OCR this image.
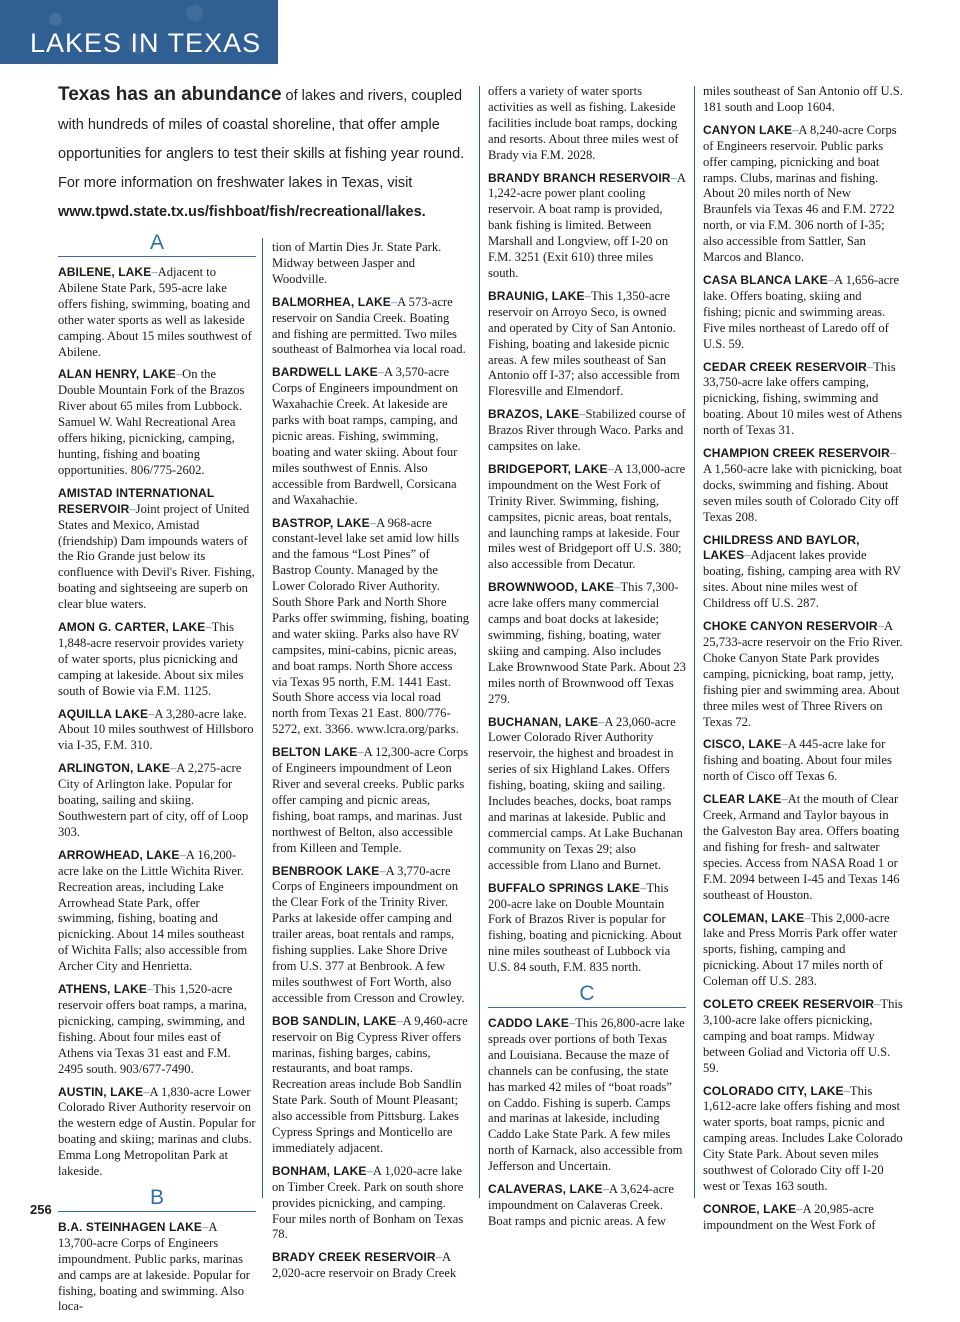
LAKES IN TEXAS
Texas has an abundance of lakes and rivers, coupled with hundreds of miles of coastal shoreline, that offer ample opportunities for anglers to test their skills at fishing year round. For more information on freshwater lakes in Texas, visit www.tpwd.state.tx.us/fishboat/fish/recreational/lakes.
A

ABILENE, LAKE–Adjacent to Abilene State Park, 595-acre lake offers fishing, swimming, boating and other water sports as well as lakeside camping. About 15 miles southwest of Abilene.

ALAN HENRY, LAKE–On the Double Mountain Fork of the Brazos River about 65 miles from Lubbock. Samuel W. Wahl Recreational Area offers hiking, picnicking, camping, hunting, fishing and boating opportunities. 806/775-2602.

AMISTAD INTERNATIONAL RESERVOIR–Joint project of United States and Mexico, Amistad (friendship) Dam impounds waters of the Rio Grande just below its confluence with Devil's River. Fishing, boating and sightseeing are superb on clear blue waters.

AMON G. CARTER, LAKE–This 1,848-acre reservoir provides variety of water sports, plus picnicking and camping at lakeside. About six miles south of Bowie via F.M. 1125.

AQUILLA LAKE–A 3,280-acre lake. About 10 miles southwest of Hillsboro via I-35, F.M. 310.

ARLINGTON, LAKE–A 2,275-acre City of Arlington lake. Popular for boating, sailing and skiing. Southwestern part of city, off of Loop 303.

ARROWHEAD, LAKE–A 16,200-acre lake on the Little Wichita River. Recreation areas, including Lake Arrowhead State Park, offer swimming, fishing, boating and picnicking. About 14 miles southeast of Wichita Falls; also accessible from Archer City and Henrietta.

ATHENS, LAKE–This 1,520-acre reservoir offers boat ramps, a marina, picnicking, camping, swimming, and fishing. About four miles east of Athens via Texas 31 east and F.M. 2495 south. 903/677-7490.

AUSTIN, LAKE–A 1,830-acre Lower Colorado River Authority reservoir on the western edge of Austin. Popular for boating and skiing; marinas and clubs. Emma Long Metropolitan Park at lakeside.

B

B.A. STEINHAGEN LAKE–A 13,700-acre Corps of Engineers impoundment. Public parks, marinas and camps are at lakeside. Popular for fishing, boating and swimming. Also loca-

tion of Martin Dies Jr. State Park. Midway between Jasper and Woodville.

BALMORHEA, LAKE–A 573-acre reservoir on Sandia Creek. Boating and fishing are permitted. Two miles southeast of Balmorhea via local road.

BARDWELL LAKE–A 3,570-acre Corps of Engineers impoundment on Waxahachie Creek. At lakeside are parks with boat ramps, camping, and picnic areas. Fishing, swimming, boating and water skiing. About four miles southwest of Ennis. Also accessible from Bardwell, Corsicana and Waxahachie.

BASTROP, LAKE–A 968-acre constant-level lake set amid low hills and the famous “Lost Pines” of Bastrop County. Managed by the Lower Colorado River Authority. South Shore Park and North Shore Parks offer swimming, fishing, boating and water skiing. Parks also have RV campsites, mini-cabins, picnic areas, and boat ramps. North Shore access via Texas 95 north, F.M. 1441 East. South Shore access via local road north from Texas 21 East. 800/776-5272, ext. 3366. www.lcra.org/parks.

BELTON LAKE–A 12,300-acre Corps of Engineers impoundment of Leon River and several creeks. Public parks offer camping and picnic areas, fishing, boat ramps, and marinas. Just northwest of Belton, also accessible from Killeen and Temple.

BENBROOK LAKE–A 3,770-acre Corps of Engineers impoundment on the Clear Fork of the Trinity River. Parks at lakeside offer camping and trailer areas, boat rentals and ramps, fishing supplies. Lake Shore Drive from U.S. 377 at Benbrook. A few miles southwest of Fort Worth, also accessible from Cresson and Crowley.

BOB SANDLIN, LAKE–A 9,460-acre reservoir on Big Cypress River offers marinas, fishing barges, cabins, restaurants, and boat ramps. Recreation areas include Bob Sandlin State Park. South of Mount Pleasant; also accessible from Pittsburg. Lakes Cypress Springs and Monticello are immediately adjacent.

BONHAM, LAKE–A 1,020-acre lake on Timber Creek. Park on south shore provides picnicking, and camping. Four miles north of Bonham on Texas 78.

BRADY CREEK RESERVOIR–A 2,020-acre reservoir on Brady Creek

offers a variety of water sports activities as well as fishing. Lakeside facilities include boat ramps, docking and resorts. About three miles west of Brady via F.M. 2028.

BRANDY BRANCH RESERVOIR–A 1,242-acre power plant cooling reservoir. A boat ramp is provided, bank fishing is limited. Between Marshall and Longview, off I-20 on F.M. 3251 (Exit 610) three miles south.

BRAUNIG, LAKE–This 1,350-acre reservoir on Arroyo Seco, is owned and operated by City of San Antonio. Fishing, boating and lakeside picnic areas. A few miles southeast of San Antonio off I-37; also accessible from Floresville and Elmendorf.

BRAZOS, LAKE–Stabilized course of Brazos River through Waco. Parks and campsites on lake.

BRIDGEPORT, LAKE–A 13,000-acre impoundment on the West Fork of Trinity River. Swimming, fishing, campsites, picnic areas, boat rentals, and launching ramps at lakeside. Four miles west of Bridgeport off U.S. 380; also accessible from Decatur.

BROWNWOOD, LAKE–This 7,300-acre lake offers many commercial camps and boat docks at lakeside; swimming, fishing, boating, water skiing and camping. Also includes Lake Brownwood State Park. About 23 miles north of Brownwood off Texas 279.

BUCHANAN, LAKE–A 23,060-acre Lower Colorado River Authority reservoir, the highest and broadest in series of six Highland Lakes. Offers fishing, boating, skiing and sailing. Includes beaches, docks, boat ramps and marinas at lakeside. Public and commercial camps. At Lake Buchanan community on Texas 29; also accessible from Llano and Burnet.

BUFFALO SPRINGS LAKE–This 200-acre lake on Double Mountain Fork of Brazos River is popular for fishing, boating and picnicking. About nine miles southeast of Lubbock via U.S. 84 south, F.M. 835 north.

C

CADDO LAKE–This 26,800-acre lake spreads over portions of both Texas and Louisiana. Because the maze of channels can be confusing, the state has marked 42 miles of “boat roads” on Caddo. Fishing is superb. Camps and marinas at lakeside, including Caddo Lake State Park. A few miles north of Karnack, also accessible from Jefferson and Uncertain.

CALAVERAS, LAKE–A 3,624-acre impoundment on Calaveras Creek. Boat ramps and picnic areas. A few

miles southeast of San Antonio off U.S. 181 south and Loop 1604.

CANYON LAKE–A 8,240-acre Corps of Engineers reservoir. Public parks offer camping, picnicking and boat ramps. Clubs, marinas and fishing. About 20 miles north of New Braunfels via Texas 46 and F.M. 2722 north, or via F.M. 306 north of I-35; also accessible from Sattler, San Marcos and Blanco.

CASA BLANCA LAKE–A 1,656-acre lake. Offers boating, skiing and fishing; picnic and swimming areas. Five miles northeast of Laredo off of U.S. 59.

CEDAR CREEK RESERVOIR–This 33,750-acre lake offers camping, picnicking, fishing, swimming and boating. About 10 miles west of Athens north of Texas 31.

CHAMPION CREEK RESERVOIR–A 1,560-acre lake with picnicking, boat docks, swimming and fishing. About seven miles south of Colorado City off Texas 208.

CHILDRESS AND BAYLOR, LAKES–Adjacent lakes provide boating, fishing, camping area with RV sites. About nine miles west of Childress off U.S. 287.

CHOKE CANYON RESERVOIR–A 25,733-acre reservoir on the Frio River. Choke Canyon State Park provides camping, picnicking, boat ramp, jetty, fishing pier and swimming area. About three miles west of Three Rivers on Texas 72.

CISCO, LAKE–A 445-acre lake for fishing and boating. About four miles north of Cisco off Texas 6.

CLEAR LAKE–At the mouth of Clear Creek, Armand and Taylor bayous in the Galveston Bay area. Offers boating and fishing for fresh- and saltwater species. Access from NASA Road 1 or F.M. 2094 between I-45 and Texas 146 southeast of Houston.

COLEMAN, LAKE–This 2,000-acre lake and Press Morris Park offer water sports, fishing, camping and picnicking. About 17 miles north of Coleman off U.S. 283.

COLETO CREEK RESERVOIR–This 3,100-acre lake offers picnicking, camping and boat ramps. Midway between Goliad and Victoria off U.S. 59.

COLORADO CITY, LAKE–This 1,612-acre lake offers fishing and most water sports, boat ramps, picnic and camping areas. Includes Lake Colorado City State Park. About seven miles southwest of Colorado City off I-20 west or Texas 163 south.

CONROE, LAKE–A 20,985-acre impoundment on the West Fork of

256
